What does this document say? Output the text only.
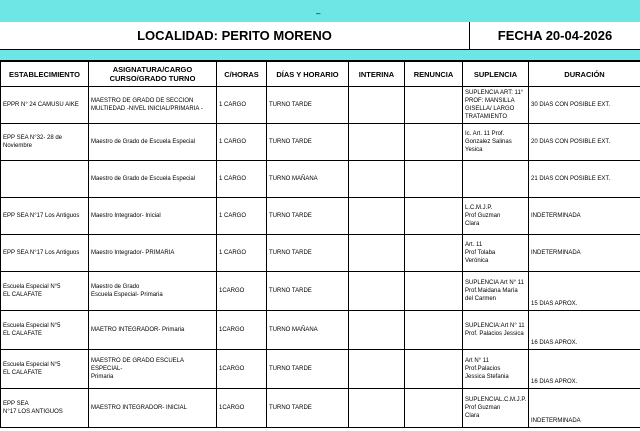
–
LOCALIDAD: PERITO MORENO	FECHA 20-04-2026
ESTABLECIMIENTO	ASIGNATURA/CARGO
CURSO/GRADO TURNO	C/HORAS	DÍAS Y HORARIO	INTERINA	RENUNCIA	SUPLENCIA	DURACIÓN
EPPR N° 24 CAMUSU AIKE	MAESTRO DE GRADO DE SECCION
MULTIEDAD -NIVEL INICIAL/PRIMARIA -	1 CARGO	TURNO TARDE			SUPLENCIA ART: 11°
PROF: MANSILLA
GISELLA/ LARGO
TRATAMIENTO	30 DIAS CON POSIBLE EXT.
EPP SEA N°32- 28 de
Noviembre	Maestro de Grado de Escuela Especial	1 CARGO	TURNO TARDE			Ic. Art. 11 Prof.
Gonzalez Salinas
Yesica	20 DIAS CON POSIBLE EXT.
	Maestro de Grado de Escuela Especial	1 CARGO	TURNO MAÑANA				21 DIAS CON POSIBLE EXT.
EPP SEA N°17 Los Antiguos	Maestro Integrador- Inicial	1 CARGO	TURNO TARDE			L.C.M.J.P.
Prof Guzman
Clara	INDETERMINADA
EPP SEA N°17 Los Antiguos	Maestro Integrador- PRIMARIA	1 CARGO	TURNO TARDE			Art. 11
Prof Tolaba
Verónica	INDETERMINADA
Escuela Especial N°5
EL CALAFATE	Maestro de Grado
Escuela Especial- Primaria	1CARGO	TURNO TARDE			SUPLENCIA Art N° 11
Prof.Maidana María
del Carmen	15 DIAS APROX.
Escuela Especial N°5
EL CALAFATE	MAETRO INTEGRADOR- Primaria	1CARGO	TURNO MAÑANA			SUPLENCIA:Art N° 11
Prof. Palacios Jessica	16 DIAS APROX.
Escuela Especial N°5
EL CALAFATE	MAESTRO DE GRADO ESCUELA ESPECIAL-
Primaria	1CARGO	TURNO TARDE			Art N° 11
Prof.Palacios
Jessica Stefania	16 DIAS APROX.
EPP SEA
N°17 LOS ANTIGUOS	MAESTRO INTEGRADOR- INICIAL	1CARGO	TURNO TARDE			SUPLENCIAL.C.M.J.P.
Prof Guzman
Clara	INDETERMINADA
